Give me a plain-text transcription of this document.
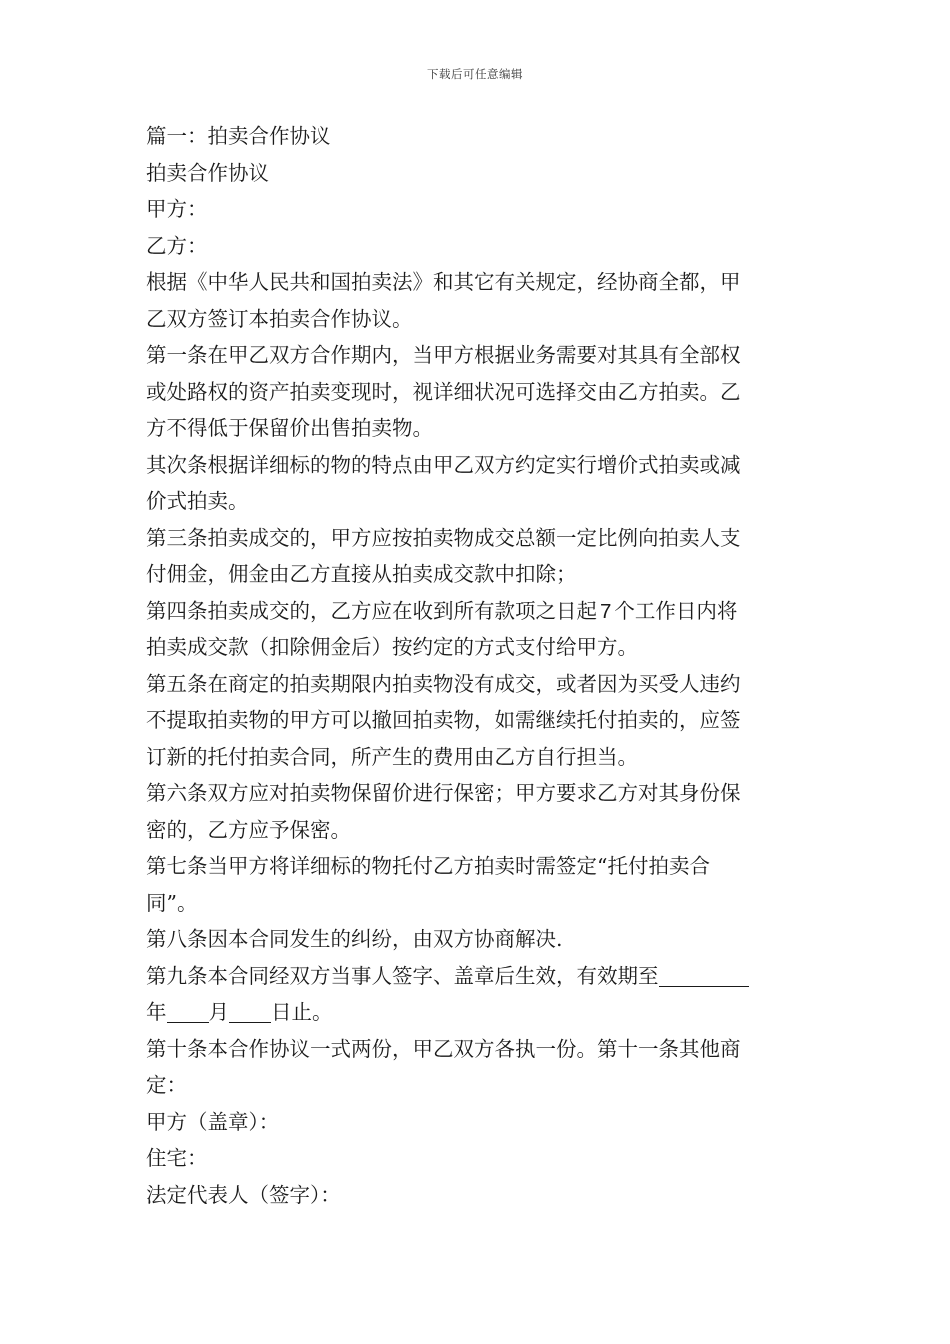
下载后可任意编辑
篇一：拍卖合作协议
拍卖合作协议
甲方：
乙方：
根据《中华人民共和国拍卖法》和其它有关规定，经协商全都，甲
乙双方签订本拍卖合作协议。
第一条在甲乙双方合作期内，当甲方根据业务需要对其具有全部权
或处路权的资产拍卖变现时，视详细状况可选择交由乙方拍卖。乙
方不得低于保留价出售拍卖物。
其次条根据详细标的物的特点由甲乙双方约定实行增价式拍卖或减
价式拍卖。
第三条拍卖成交的，甲方应按拍卖物成交总额一定比例向拍卖人支
付佣金，佣金由乙方直接从拍卖成交款中扣除；
第四条拍卖成交的，乙方应在收到所有款项之日起 7 个工作日内将
拍卖成交款（扣除佣金后）按约定的方式支付给甲方。
第五条在商定的拍卖期限内拍卖物没有成交，或者因为买受人违约
不提取拍卖物的甲方可以撤回拍卖物，如需继续托付拍卖的，应签
订新的托付拍卖合同，所产生的费用由乙方自行担当。
第六条双方应对拍卖物保留价进行保密；甲方要求乙方对其身份保
密的，乙方应予保密。
第七条当甲方将详细标的物托付乙方拍卖时需签定“托付拍卖合
同”。
第八条因本合同发生的纠纷，由双方协商解决.
第九条本合同经双方当事人签字、盖章后生效，有效期至
年 月 日止。
第十条本合作协议一式两份，甲乙双方各执一份。第十一条其他商
定：
甲方（盖章）：
住宅：
法定代表人（签字）：
